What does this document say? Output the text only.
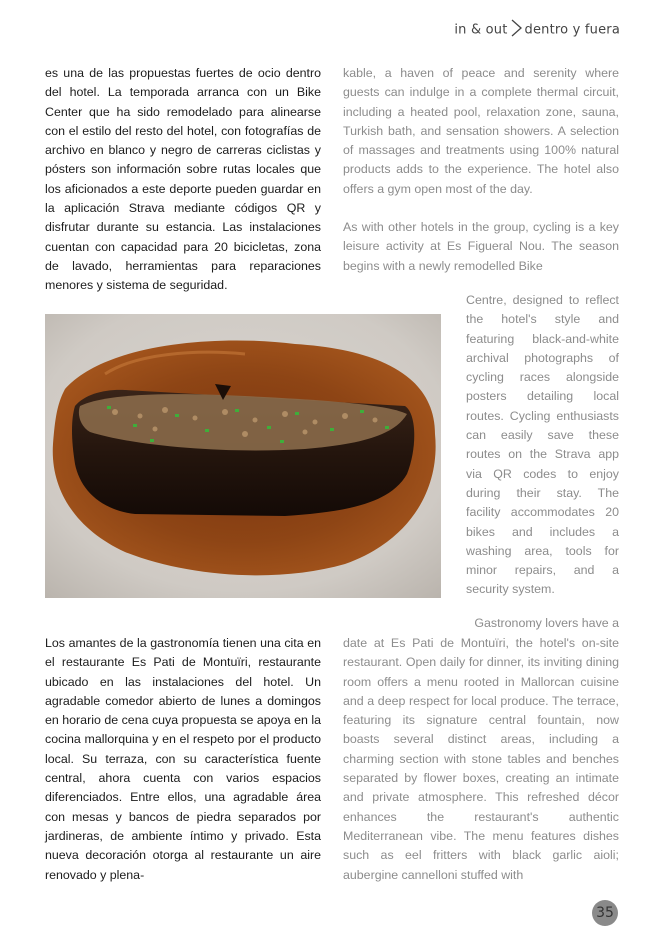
in & out dentro y fuera
es una de las propuestas fuertes de ocio dentro del hotel. La temporada arranca con un Bike Center que ha sido remodelado para alinearse con el estilo del resto del hotel, con fotografías de archivo en blanco y negro de carreras ciclistas y pósters son información sobre rutas locales que los aficionados a este deporte pueden guardar en la aplicación Strava mediante códigos QR y disfrutar durante su estancia. Las instalaciones cuentan con capacidad para 20 bicicletas, zona de lavado, herramientas para reparaciones menores y sistema de seguridad.

kable, a haven of peace and serenity where guests can indulge in a complete thermal circuit, including a heated pool, relaxation zone, sauna, Turkish bath, and sensation showers. A selection of massages and treatments using 100% natural products adds to the experience. The hotel also offers a gym open most of the day.

As with other hotels in the group, cycling is a key leisure activity at Es Figueral Nou. The season begins with a newly remodelled Bike

Centre, designed to reflect the hotel's style and featuring black-and-white archival photographs of cycling races alongside posters detailing local routes. Cycling enthusiasts can easily save these routes on the Strava app via QR codes to enjoy during their stay. The facility accommodates 20 bikes and includes a washing area, tools for minor repairs, and a security system.
Gastronomy lovers have a
Los amantes de la gastronomía tienen una cita en el restaurante Es Pati de Montuïri, restaurante ubicado en las instalaciones del hotel. Un agradable comedor abierto de lunes a domingos en horario de cena cuya propuesta se apoya en la cocina mallorquina y en el respeto por el producto local. Su terraza, con su característica fuente central, ahora cuenta con varios espacios diferenciados. Entre ellos, una agradable área con mesas y bancos de piedra separados por jardineras, de ambiente íntimo y privado. Esta nueva decoración otorga al restaurante un aire renovado y plena-
date at Es Pati de Montuïri, the hotel's on-site restaurant. Open daily for dinner, its inviting dining room offers a menu rooted in Mallorcan cuisine and a deep respect for local produce. The terrace, featuring its signature central fountain, now boasts several distinct areas, including a charming section with stone tables and benches separated by flower boxes, creating an intimate and private atmosphere. This refreshed décor enhances the restaurant's authentic Mediterranean vibe. The menu features dishes such as eel fritters with black garlic aioli; aubergine cannelloni stuffed with
35
